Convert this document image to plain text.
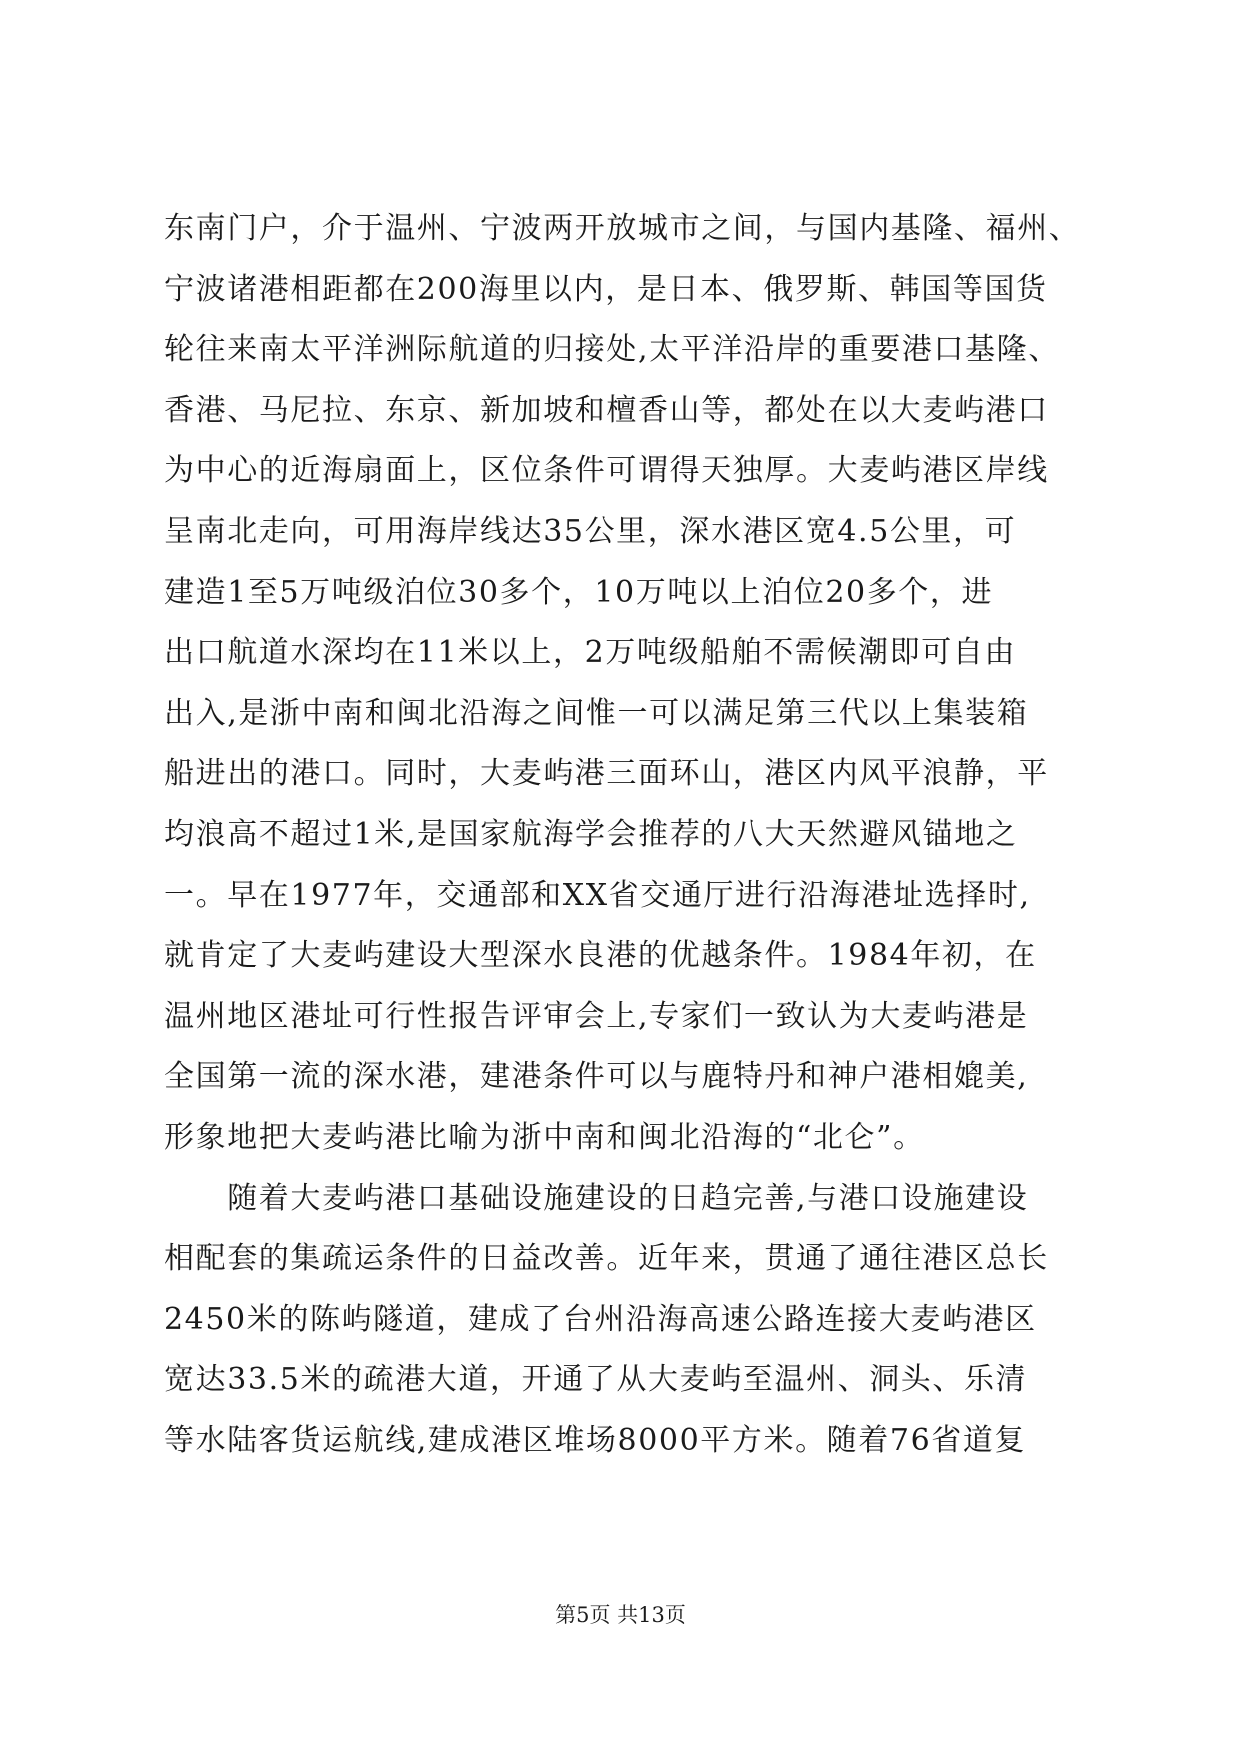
东南门户，介于温州、宁波两开放城市之间，与国内基隆、福州、
宁波诸港相距都在200海里以内，是日本、俄罗斯、韩国等国货
轮往来南太平洋洲际航道的归接处,太平洋沿岸的重要港口基隆、
香港、马尼拉、东京、新加坡和檀香山等，都处在以大麦屿港口
为中心的近海扇面上，区位条件可谓得天独厚。大麦屿港区岸线
呈南北走向，可用海岸线达35公里，深水港区宽4.5公里，可
建造1至5万吨级泊位30多个，10万吨以上泊位20多个，进
出口航道水深均在11米以上，2万吨级船舶不需候潮即可自由
出入,是浙中南和闽北沿海之间惟一可以满足第三代以上集装箱
船进出的港口。同时，大麦屿港三面环山，港区内风平浪静，平
均浪高不超过1米,是国家航海学会推荐的八大天然避风锚地之
一。早在1977年，交通部和XX省交通厅进行沿海港址选择时,
就肯定了大麦屿建设大型深水良港的优越条件。1984年初，在
温州地区港址可行性报告评审会上,专家们一致认为大麦屿港是
全国第一流的深水港，建港条件可以与鹿特丹和神户港相媲美,
形象地把大麦屿港比喻为浙中南和闽北沿海的“北仑”。
　　随着大麦屿港口基础设施建设的日趋完善,与港口设施建设
相配套的集疏运条件的日益改善。近年来，贯通了通往港区总长
2450米的陈屿隧道，建成了台州沿海高速公路连接大麦屿港区
宽达33.5米的疏港大道，开通了从大麦屿至温州、洞头、乐清
等水陆客货运航线,建成港区堆场8000平方米。随着76省道复
第5页 共13页
